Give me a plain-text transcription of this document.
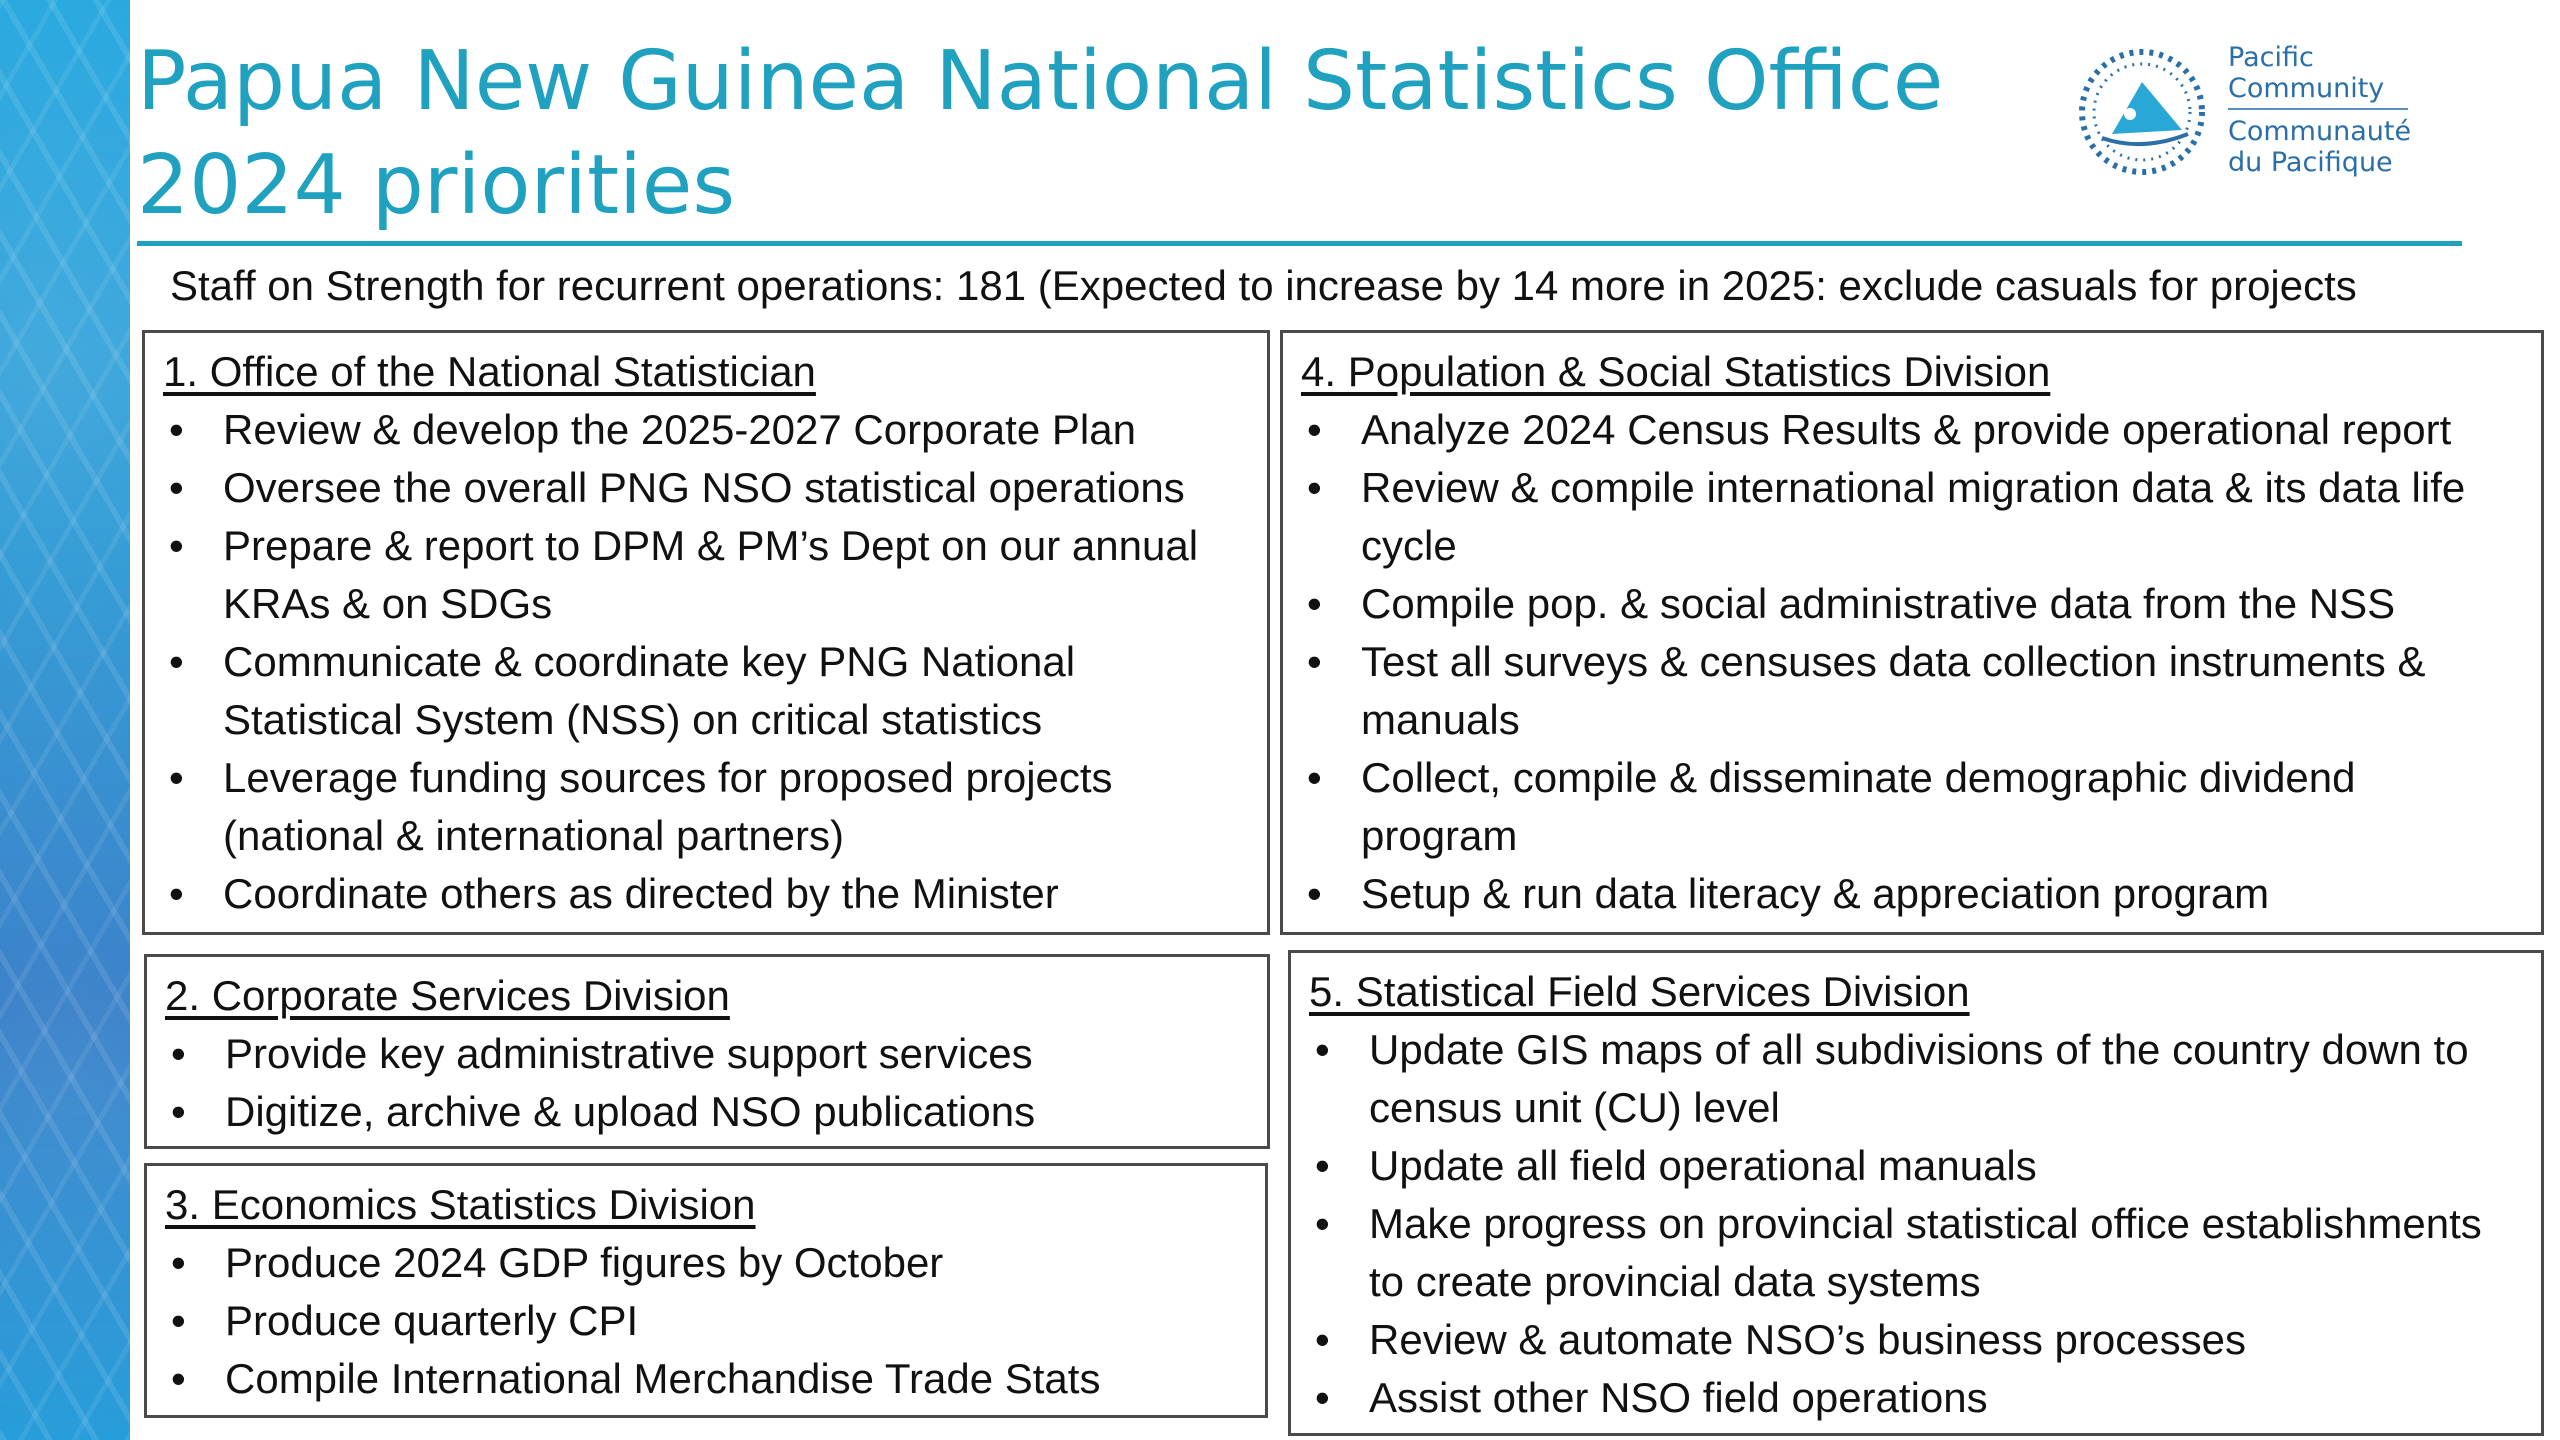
Papua New Guinea National Statistics Office
2024 priorities
Pacific
Community
Communauté
du Pacifique
Staff on Strength for recurrent operations: 181 (Expected to increase by 14 more in 2025: exclude casuals for projects
1. Office of the National Statistician
• Review & develop the 2025-2027 Corporate Plan
• Oversee the overall PNG NSO statistical operations
• Prepare & report to DPM & PM’s Dept on our annual KRAs & on SDGs
• Communicate & coordinate key PNG National Statistical System (NSS) on critical statistics
• Leverage funding sources for proposed projects (national & international partners)
• Coordinate others as directed by the Minister
2. Corporate Services Division
• Provide key administrative support services
• Digitize, archive & upload NSO publications
3. Economics Statistics Division
• Produce 2024 GDP figures by October
• Produce quarterly CPI
• Compile International Merchandise Trade Stats
4. Population & Social Statistics Division
• Analyze 2024 Census Results & provide operational report
• Review & compile international migration data & its data life cycle
• Compile pop. & social administrative data from the NSS
• Test all surveys & censuses data collection instruments & manuals
• Collect, compile & disseminate demographic dividend program
• Setup & run data literacy & appreciation program
5. Statistical Field Services Division
• Update GIS maps of all subdivisions of the country down to census unit (CU) level
• Update all field operational manuals
• Make progress on provincial statistical office establishments to create provincial data systems
• Review & automate NSO’s business processes
• Assist other NSO field operations
